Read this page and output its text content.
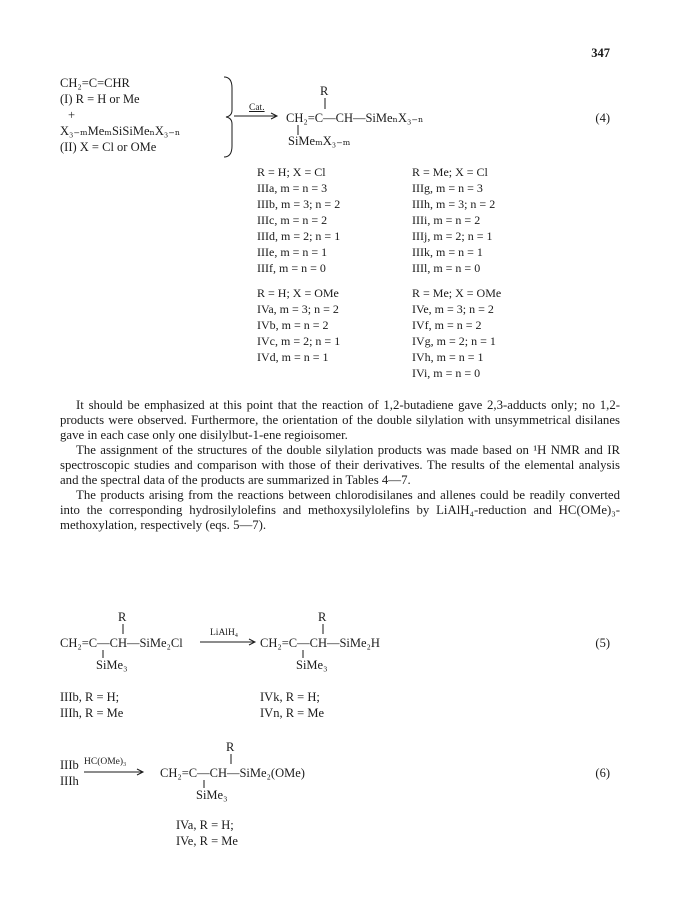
347
CH₂=C=CHR
(I) R = H or Me
+
X₃₋ₘMeₘSiSiMeₙX₃₋ₙ
(II) X = Cl or OMe
Cat.
R
CH₂=C—CH—SiMeₙX₃₋ₙ
SiMeₘX₃₋ₘ
(4)
R = H; X = Cl
IIIa, m = n = 3
IIIb, m = 3; n = 2
IIIc, m = n = 2
IIId, m = 2; n = 1
IIIe, m = n = 1
IIIf, m = n = 0
R = Me; X = Cl
IIIg, m = n = 3
IIIh, m = 3; n = 2
IIIi, m = n = 2
IIIj, m = 2; n = 1
IIIk, m = n = 1
IIIl, m = n = 0
R = H; X = OMe
IVa, m = 3; n = 2
IVb, m = n = 2
IVc, m = 2; n = 1
IVd, m = n = 1
R = Me; X = OMe
IVe, m = 3; n = 2
IVf, m = n = 2
IVg, m = 2; n = 1
IVh, m = n = 1
IVi, m = n = 0

It should be emphasized at this point that the reaction of 1,2-butadiene gave 2,3-adducts only; no 1,2-products were observed. Furthermore, the orientation of the double silylation with unsymmetrical disilanes gave in each case only one disilylbut-1-ene regioisomer.

The assignment of the structures of the double silylation products was made based on ¹H NMR and IR spectroscopic studies and comparison with those of their derivatives. The results of the elemental analysis and the spectral data of the products are summarized in Tables 4—7.

The products arising from the reactions between chlorodisilanes and allenes could be readily converted into the corresponding hydrosilylolefins and methoxysilylolefins by LiAlH₄-reduction and HC(OMe)₃-methoxylation, respectively (eqs. 5—7).

R
CH₂=C—CH—SiMe₂Cl
SiMe₃
LiAlH₄
R
CH₂=C—CH—SiMe₂H
SiMe₃
(5)
IIIb, R = H;
IIIh, R = Me
IVk, R = H;
IVn, R = Me
IIIb
IIIh
HC(OMe)₃
R
CH₂=C—CH—SiMe₂(OMe)
SiMe₃
(6)
IVa, R = H;
IVe, R = Me
